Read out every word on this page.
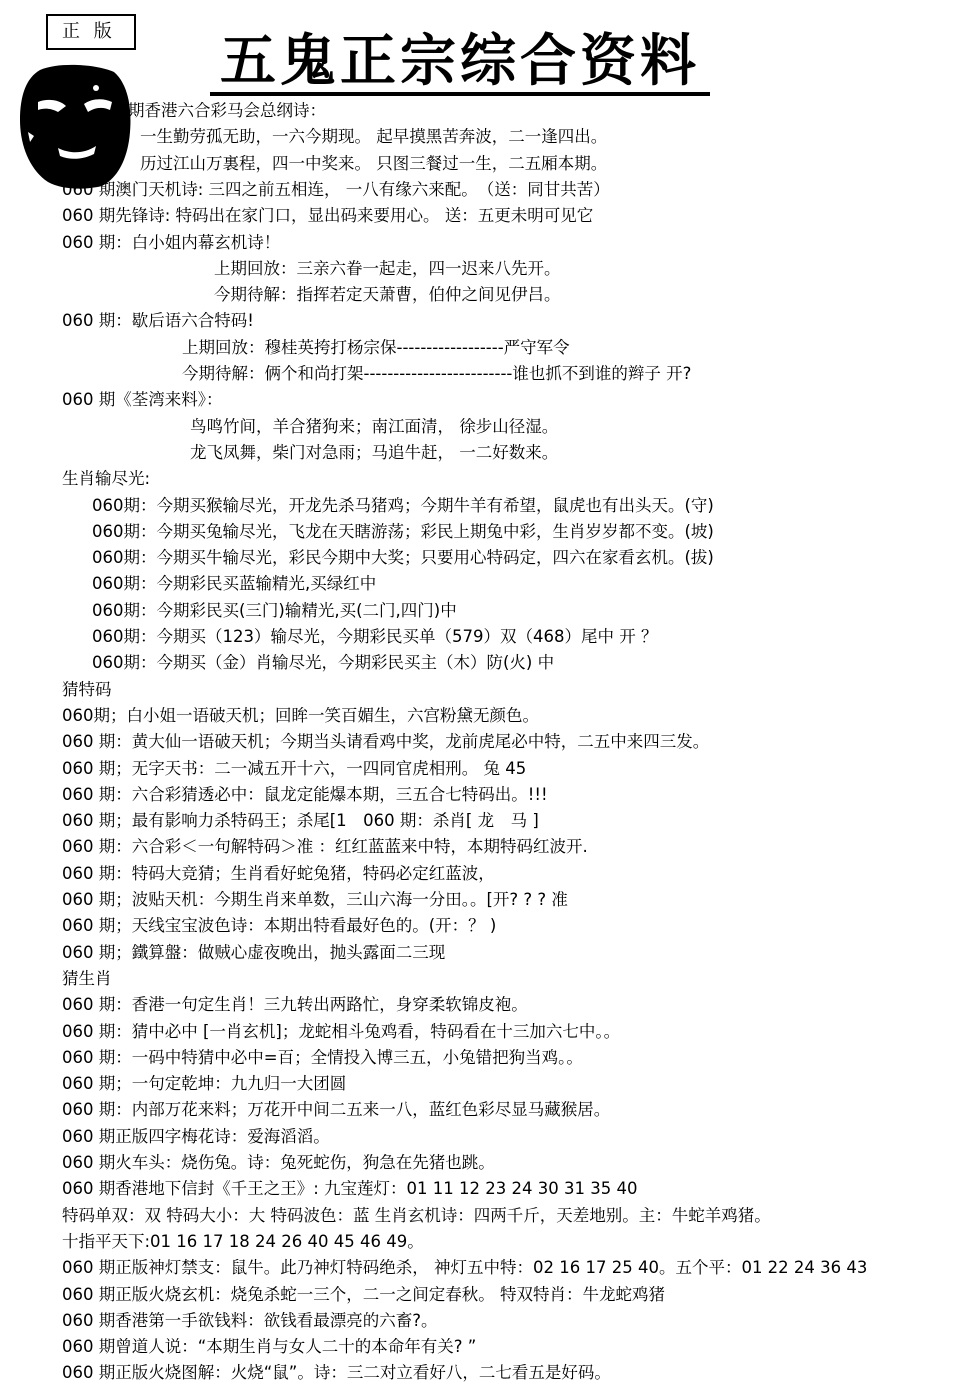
正 版	五鬼正宗综合资料
期香港六合彩马会总纲诗：
一生勤劳孤无助，一六今期现。 起早摸黑苦奔波，二一逢四出。
历过江山万裏程，四一中奖来。 只图三餐过一生，二五厢本期。
060 期澳门天机诗: 三四之前五相连， 一八有缘六来配。　（送：同甘共苦）
060 期先锋诗: 特码出在家门口，显出码来要用心。 送：五更未明可见它
060 期：白小姐内幕玄机诗！
上期回放：三亲六眷一起走，四一迟来八先开。
今期待解：指挥若定天萧曹，伯仲之间见伊吕。
060 期：歇后语六合特码!
上期回放：穆桂英挎打杨宗保------------------严守军令
今期待解：俩个和尚打架-------------------------谁也抓不到谁的辫子 开?
060 期《荃湾来料》：
鸟鸣竹间，羊合猪狗来；南江面清， 徐步山径湿。
龙飞凤舞，柴门对急雨；马追牛赶， 一二好数来。
生肖输尽光:
060期：今期买猴输尽光，开龙先杀马猪鸡；今期牛羊有希望，鼠虎也有出头天。(守)
060期：今期买兔输尽光，飞龙在天瞎游荡；彩民上期兔中彩，生肖岁岁都不变。(坡)
060期：今期买牛输尽光，彩民今期中大奖；只要用心特码定，四六在家看玄机。(拔)
060期：今期彩民买蓝输精光,买绿红中
060期：今期彩民买(三门)输精光,买(二门,四门)中
060期：今期买（123）输尽光，今期彩民买单（579）双（468）尾中 开 ？
060期：今期买（金）肖输尽光，今期彩民买主（木）防(火) 中
猜特码
060期；白小姐一语破天机；回眸一笑百媚生，六宫粉黛无颜色。
060 期：黄大仙一语破天机；今期当头请看鸡中奖，龙前虎尾必中特，二五中来四三发。
060 期；无字天书：二一减五开十六，一四同官虎相刑。 兔 45
060 期：六合彩猜透必中：鼠龙定能爆本期，三五合七特码出。!!!
060 期；最有影响力杀特码王；杀尾[1　060 期：杀肖[ 龙　马 ]
060 期：六合彩＜一句解特码＞准 ：红红蓝蓝来中特，本期特码红波开.
060 期：特码大竞猜；生肖看好蛇兔猪，特码必定红蓝波，
060 期；波贴天机：今期生肖来单数，三山六海一分田。。[开? ? ? 准
060 期；天线宝宝波色诗：本期出特看最好色的。(开：？ )
060 期；鐵算盤：做贼心虚夜晚出，抛头露面二三现
猜生肖
060 期：香港一句定生肖！三九转出两路忙，身穿柔软锦皮袍。
060 期：猜中必中 [一肖玄机]；龙蛇相斗兔鸡看，特码看在十三加六七中。。
060 期：一码中特猜中必中=百；全情投入博三五，小兔错把狗当鸡。。
060 期；一句定乾坤：九九归一大团圆
060 期：内部万花来料；万花开中间二五来一八，蓝红色彩尽显马藏猴居。
060 期正版四字梅花诗：爱海滔滔。
060 期火车头：烧伤兔。诗：兔死蛇伤，狗急在先猪也跳。
060 期香港地下信封《千王之王》: 九宝莲灯：01 11 12 23 24 30 31 35 40
特码单双：双 特码大小：大 特码波色：蓝 生肖玄机诗：四两千斤，天差地别。主：牛蛇羊鸡猪。
十指平天下:01 16 17 18 24 26 40 45 46 49。
060 期正版神灯禁支：鼠牛。此乃神灯特码绝杀， 神灯五中特：02 16 17 25 40。五个平：01 22 24 36 43
060 期正版火烧玄机：烧兔杀蛇一三个，二一之间定春秋。 特双特肖：牛龙蛇鸡猪
060 期香港第一手欲钱料：欲钱看最漂亮的六畜?。
060 期曾道人说：“本期生肖与女人二十的本命年有关? ”
060 期正版火烧图解：火烧“鼠”。诗：三二对立看好八，二七看五是好码。
